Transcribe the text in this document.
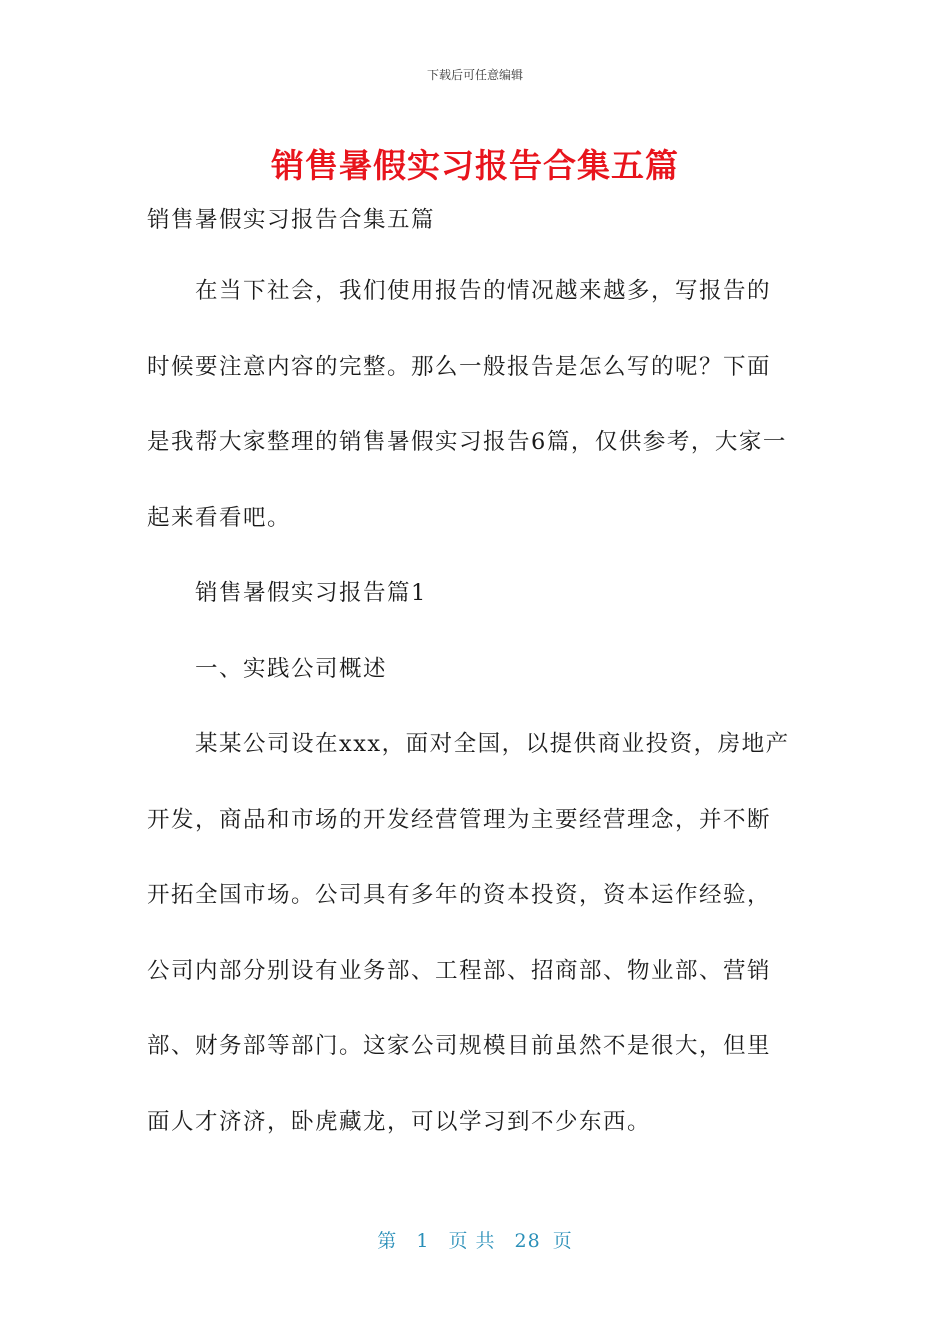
下载后可任意编辑
销售暑假实习报告合集五篇

销售暑假实习报告合集五篇

在当下社会，我们使用报告的情况越来越多，写报告的时候要注意内容的完整。那么一般报告是怎么写的呢？下面是我帮大家整理的销售暑假实习报告6篇，仅供参考，大家一起来看看吧。

销售暑假实习报告篇1

一、实践公司概述

某某公司设在xxx，面对全国，以提供商业投资，房地产开发，商品和市场的开发经营管理为主要经营理念，并不断开拓全国市场。公司具有多年的资本投资，资本运作经验，公司内部分别设有业务部、工程部、招商部、物业部、营销部、财务部等部门。这家公司规模目前虽然不是很大，但里面人才济济，卧虎藏龙，可以学习到不少东西。

第 1 页 共 28 页
